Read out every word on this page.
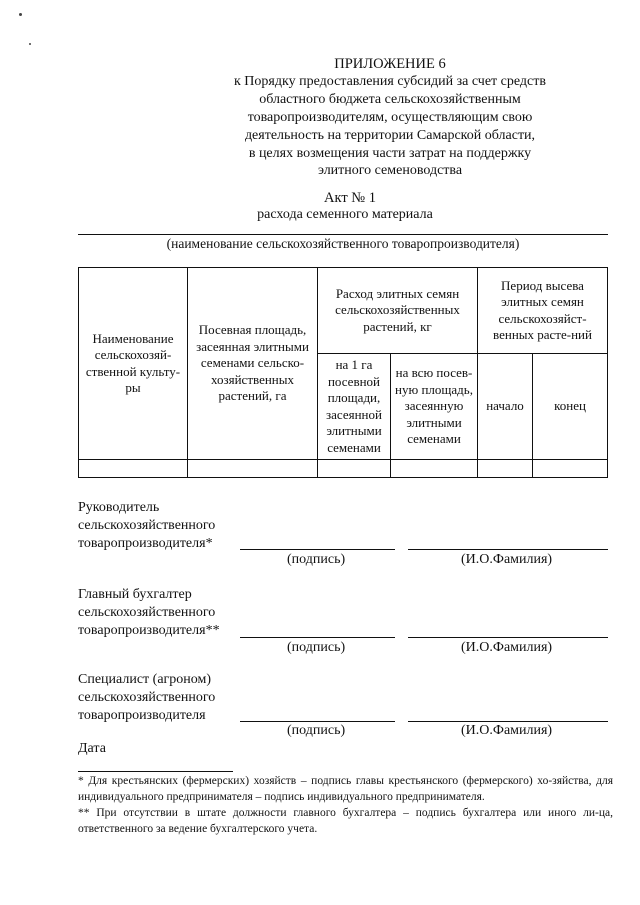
ПРИЛОЖЕНИЕ 6
к Порядку предоставления субсидий за счет средств
областного бюджета сельскохозяйственным
товаропроизводителям, осуществляющим свою
деятельность на территории Самарской области,
в целях возмещения части затрат на поддержку
элитного семеноводства
Акт № 1
расхода семенного материала
(наименование сельскохозяйственного товаропроизводителя)
Наименование сельскохозяй-ственной культу-ры	Посевная площадь, засеянная элитными семенами сельско-хозяйственных растений, га	Расход элитных семян сельскохозяйственных растений, кг		Период высева элитных семян сельскохозяйст-венных расте-ний	
		на 1 га посевной площади, засеянной элитными семенами	на всю посев-ную площадь, засеянную элитными семенами	начало	конец

Руководитель
сельскохозяйственного
товаропроизводителя*
(подпись)	(И.О.Фамилия)
Главный бухгалтер
сельскохозяйственного
товаропроизводителя**
(подпись)	(И.О.Фамилия)
Специалист (агроном)
сельскохозяйственного
товаропроизводителя
(подпись)	(И.О.Фамилия)
Дата
* Для крестьянских (фермерских) хозяйств – подпись главы крестьянского (фермерского) хо-зяйства, для индивидуального предпринимателя – подпись индивидуального предпринимателя.
** При отсутствии в штате должности главного бухгалтера – подпись бухгалтера или иного ли-ца, ответственного за ведение бухгалтерского учета.
